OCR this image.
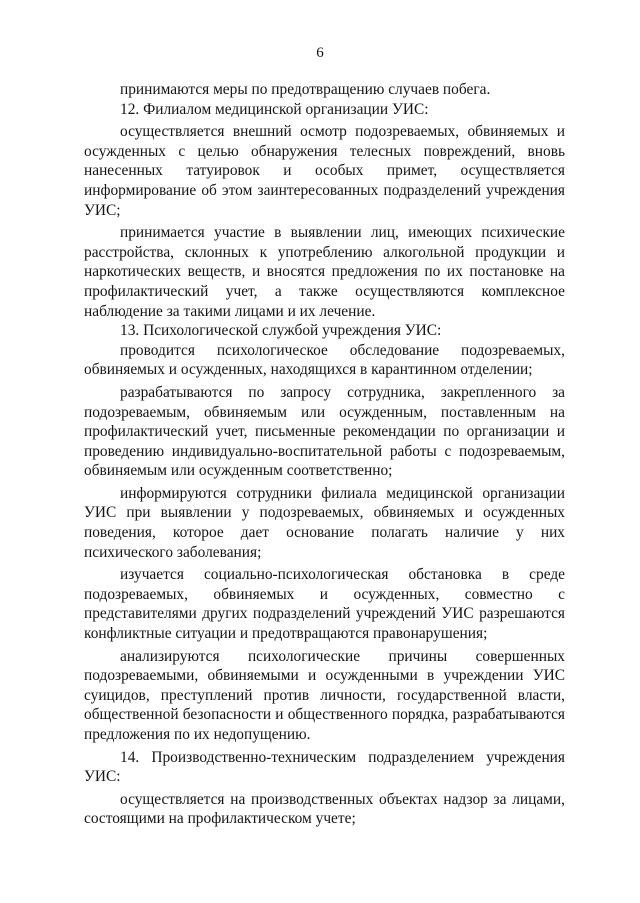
6

принимаются меры по предотвращению случаев побега.

12. Филиалом медицинской организации УИС:

осуществляется внешний осмотр подозреваемых, обвиняемых и осужденных с целью обнаружения телесных повреждений, вновь нанесенных татуировок и особых примет, осуществляется информирование об этом заинтересованных подразделений учреждения УИС;

принимается участие в выявлении лиц, имеющих психические расстройства, склонных к употреблению алкогольной продукции и наркотических веществ, и вносятся предложения по их постановке на профилактический учет, а также осуществляются комплексное наблюдение за такими лицами и их лечение.

13. Психологической службой учреждения УИС:

проводится психологическое обследование подозреваемых, обвиняемых и осужденных, находящихся в карантинном отделении;

разрабатываются по запросу сотрудника, закрепленного за подозреваемым, обвиняемым или осужденным, поставленным на профилактический учет, письменные рекомендации по организации и проведению индивидуально-воспитательной работы с подозреваемым, обвиняемым или осужденным соответственно;

информируются сотрудники филиала медицинской организации УИС при выявлении у подозреваемых, обвиняемых и осужденных поведения, которое дает основание полагать наличие у них психического заболевания;

изучается социально-психологическая обстановка в среде подозреваемых, обвиняемых и осужденных, совместно с представителями других подразделений учреждений УИС разрешаются конфликтные ситуации и предотвращаются правонарушения;

анализируются психологические причины совершенных подозреваемыми, обвиняемыми и осужденными в учреждении УИС суицидов, преступлений против личности, государственной власти, общественной безопасности и общественного порядка, разрабатываются предложения по их недопущению.

14. Производственно-техническим подразделением учреждения УИС:

осуществляется на производственных объектах надзор за лицами, состоящими на профилактическом учете;
